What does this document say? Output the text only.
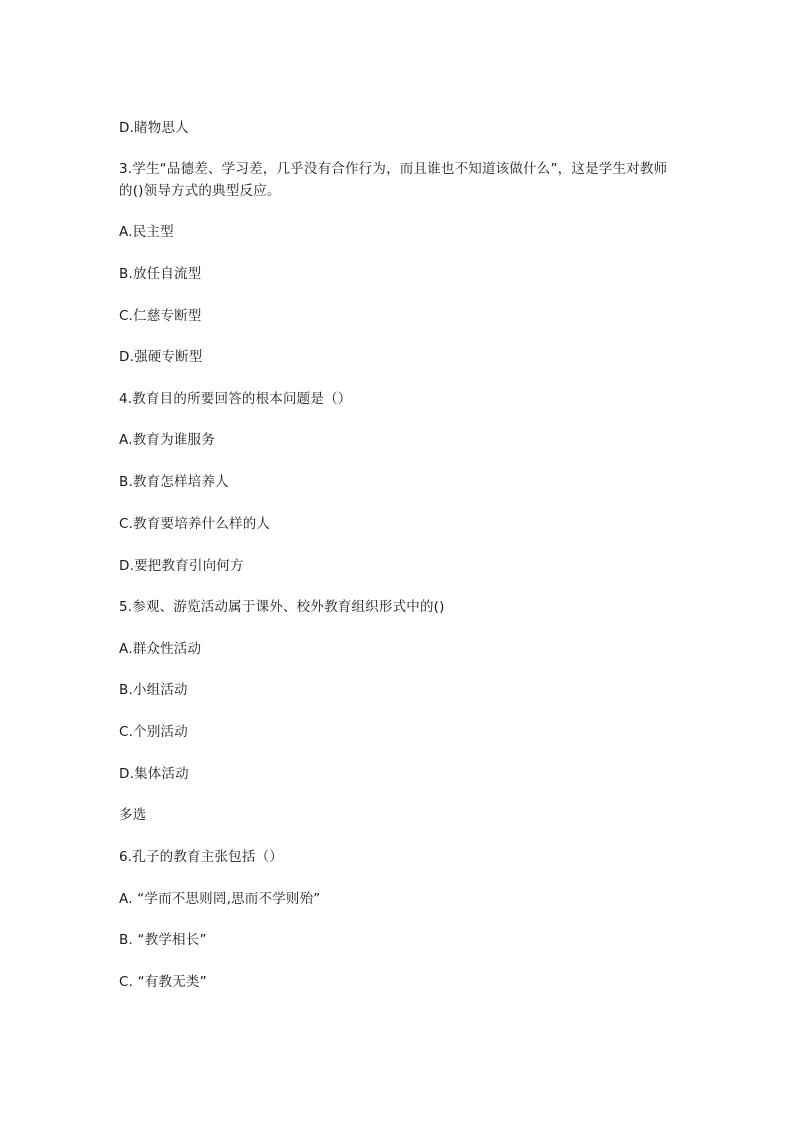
D.睹物思人
3.学生“品德差、学习差，几乎没有合作行为，而且谁也不知道该做什么”，这是学生对教师的()领导方式的典型反应。
A.民主型
B.放任自流型
C.仁慈专断型
D.强硬专断型
4.教育目的所要回答的根本问题是（）
A.教育为谁服务
B.教育怎样培养人
C.教育要培养什么样的人
D.要把教育引向何方
5.参观、游览活动属于课外、校外教育组织形式中的()
A.群众性活动
B.小组活动
C.个别活动
D.集体活动
多选
6.孔子的教育主张包括（）
A. “学而不思则罔,思而不学则殆”
B. “教学相长”
C. “有教无类”
